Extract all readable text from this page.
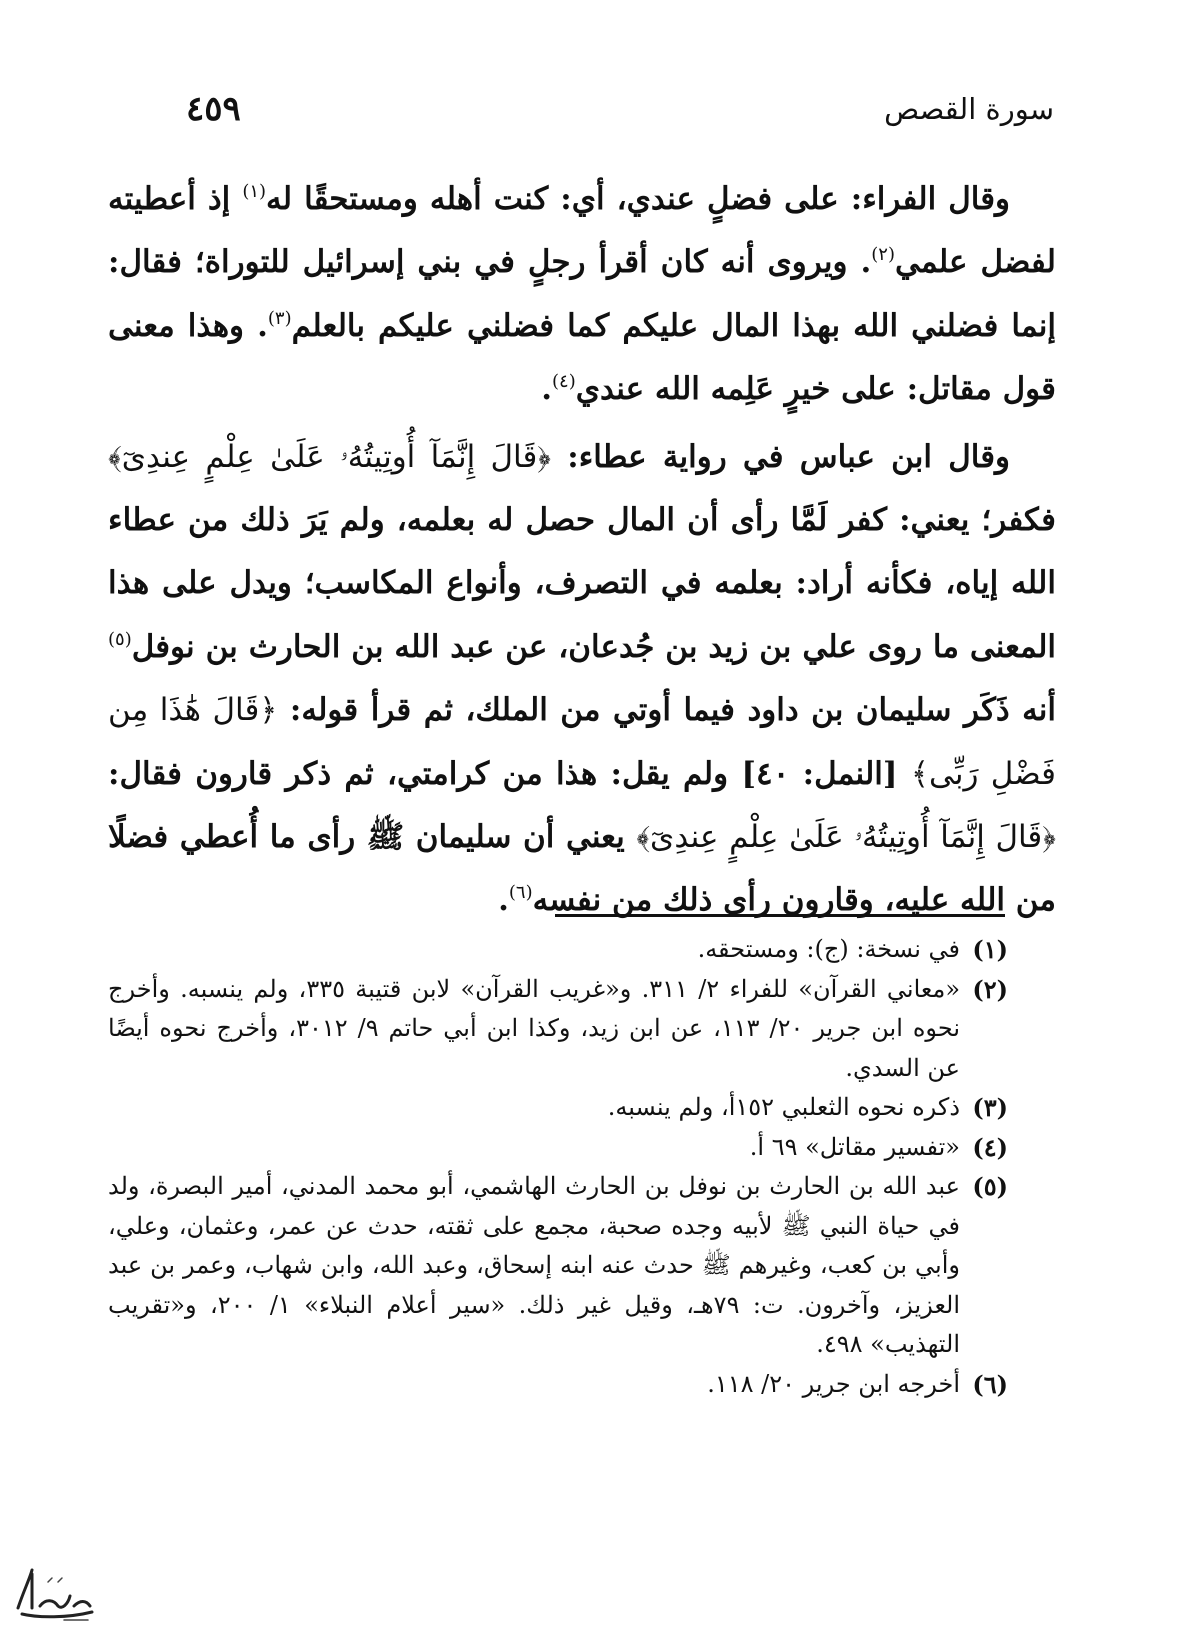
سورة القصص
٤٥٩

وقال الفراء: على فضلٍ عندي، أي: كنت أهله ومستحقًا له$^{(١)}$ إذ أعطيته لفضل علمي$^{(٢)}$. ويروى أنه كان أقرأ رجلٍ في بني إسرائيل للتوراة؛ فقال: إنما فضلني الله بهذا المال عليكم كما فضلني عليكم بالعلم$^{(٣)}$. وهذا معنى قول مقاتل: على خيرٍ عَلِمه الله عندي$^{(٤)}$.

وقال ابن عباس في رواية عطاء: ﴿قَالَ إِنَّمَآ أُوتِيتُهُۥ عَلَىٰ عِلْمٍ عِندِىٓ﴾ فكفر؛ يعني: كفر لَمَّا رأى أن المال حصل له بعلمه، ولم يَرَ ذلك من عطاء الله إياه، فكأنه أراد: بعلمه في التصرف، وأنواع المكاسب؛ ويدل على هذا المعنى ما روى علي بن زيد بن جُدعان، عن عبد الله بن الحارث بن نوفل$^{(٥)}$ أنه ذَكَر سليمان بن داود فيما أوتي من الملك، ثم قرأ قوله: ﴿قَالَ هَٰذَا مِن فَضْلِ رَبِّى﴾ [النمل: ٤٠] ولم يقل: هذا من كرامتي، ثم ذكر قارون فقال: ﴿قَالَ إِنَّمَآ أُوتِيتُهُۥ عَلَىٰ عِلْمٍ عِندِىٓ﴾ يعني أن سليمان ﷺ رأى ما أُعطي فضلًا من الله عليه، وقارون رأى ذلك من نفسه$^{(٦)}$.

(١)
في نسخة: (ج): ومستحقه.
(٢)
«معاني القرآن» للفراء ٢/ ٣١١. و«غريب القرآن» لابن قتيبة ٣٣٥، ولم ينسبه. وأخرج نحوه ابن جرير ٢٠/ ١١٣، عن ابن زيد، وكذا ابن أبي حاتم ٩/ ٣٠١٢، وأخرج نحوه أيضًا عن السدي.
(٣)
ذكره نحوه الثعلبي ١٥٢أ، ولم ينسبه.
(٤)
«تفسير مقاتل» ٦٩ أ.
(٥)
عبد الله بن الحارث بن نوفل بن الحارث الهاشمي، أبو محمد المدني، أمير البصرة، ولد في حياة النبي ﷺ لأبيه وجده صحبة، مجمع على ثقته، حدث عن عمر، وعثمان، وعلي، وأبي بن كعب، وغيرهم ﷺ حدث عنه ابنه إسحاق، وعبد الله، وابن شهاب، وعمر بن عبد العزيز، وآخرون. ت: ٧٩هـ، وقيل غير ذلك. «سير أعلام النبلاء» ١/ ٢٠٠، و«تقريب التهذيب» ٤٩٨.
(٦)
أخرجه ابن جرير ٢٠/ ١١٨.
